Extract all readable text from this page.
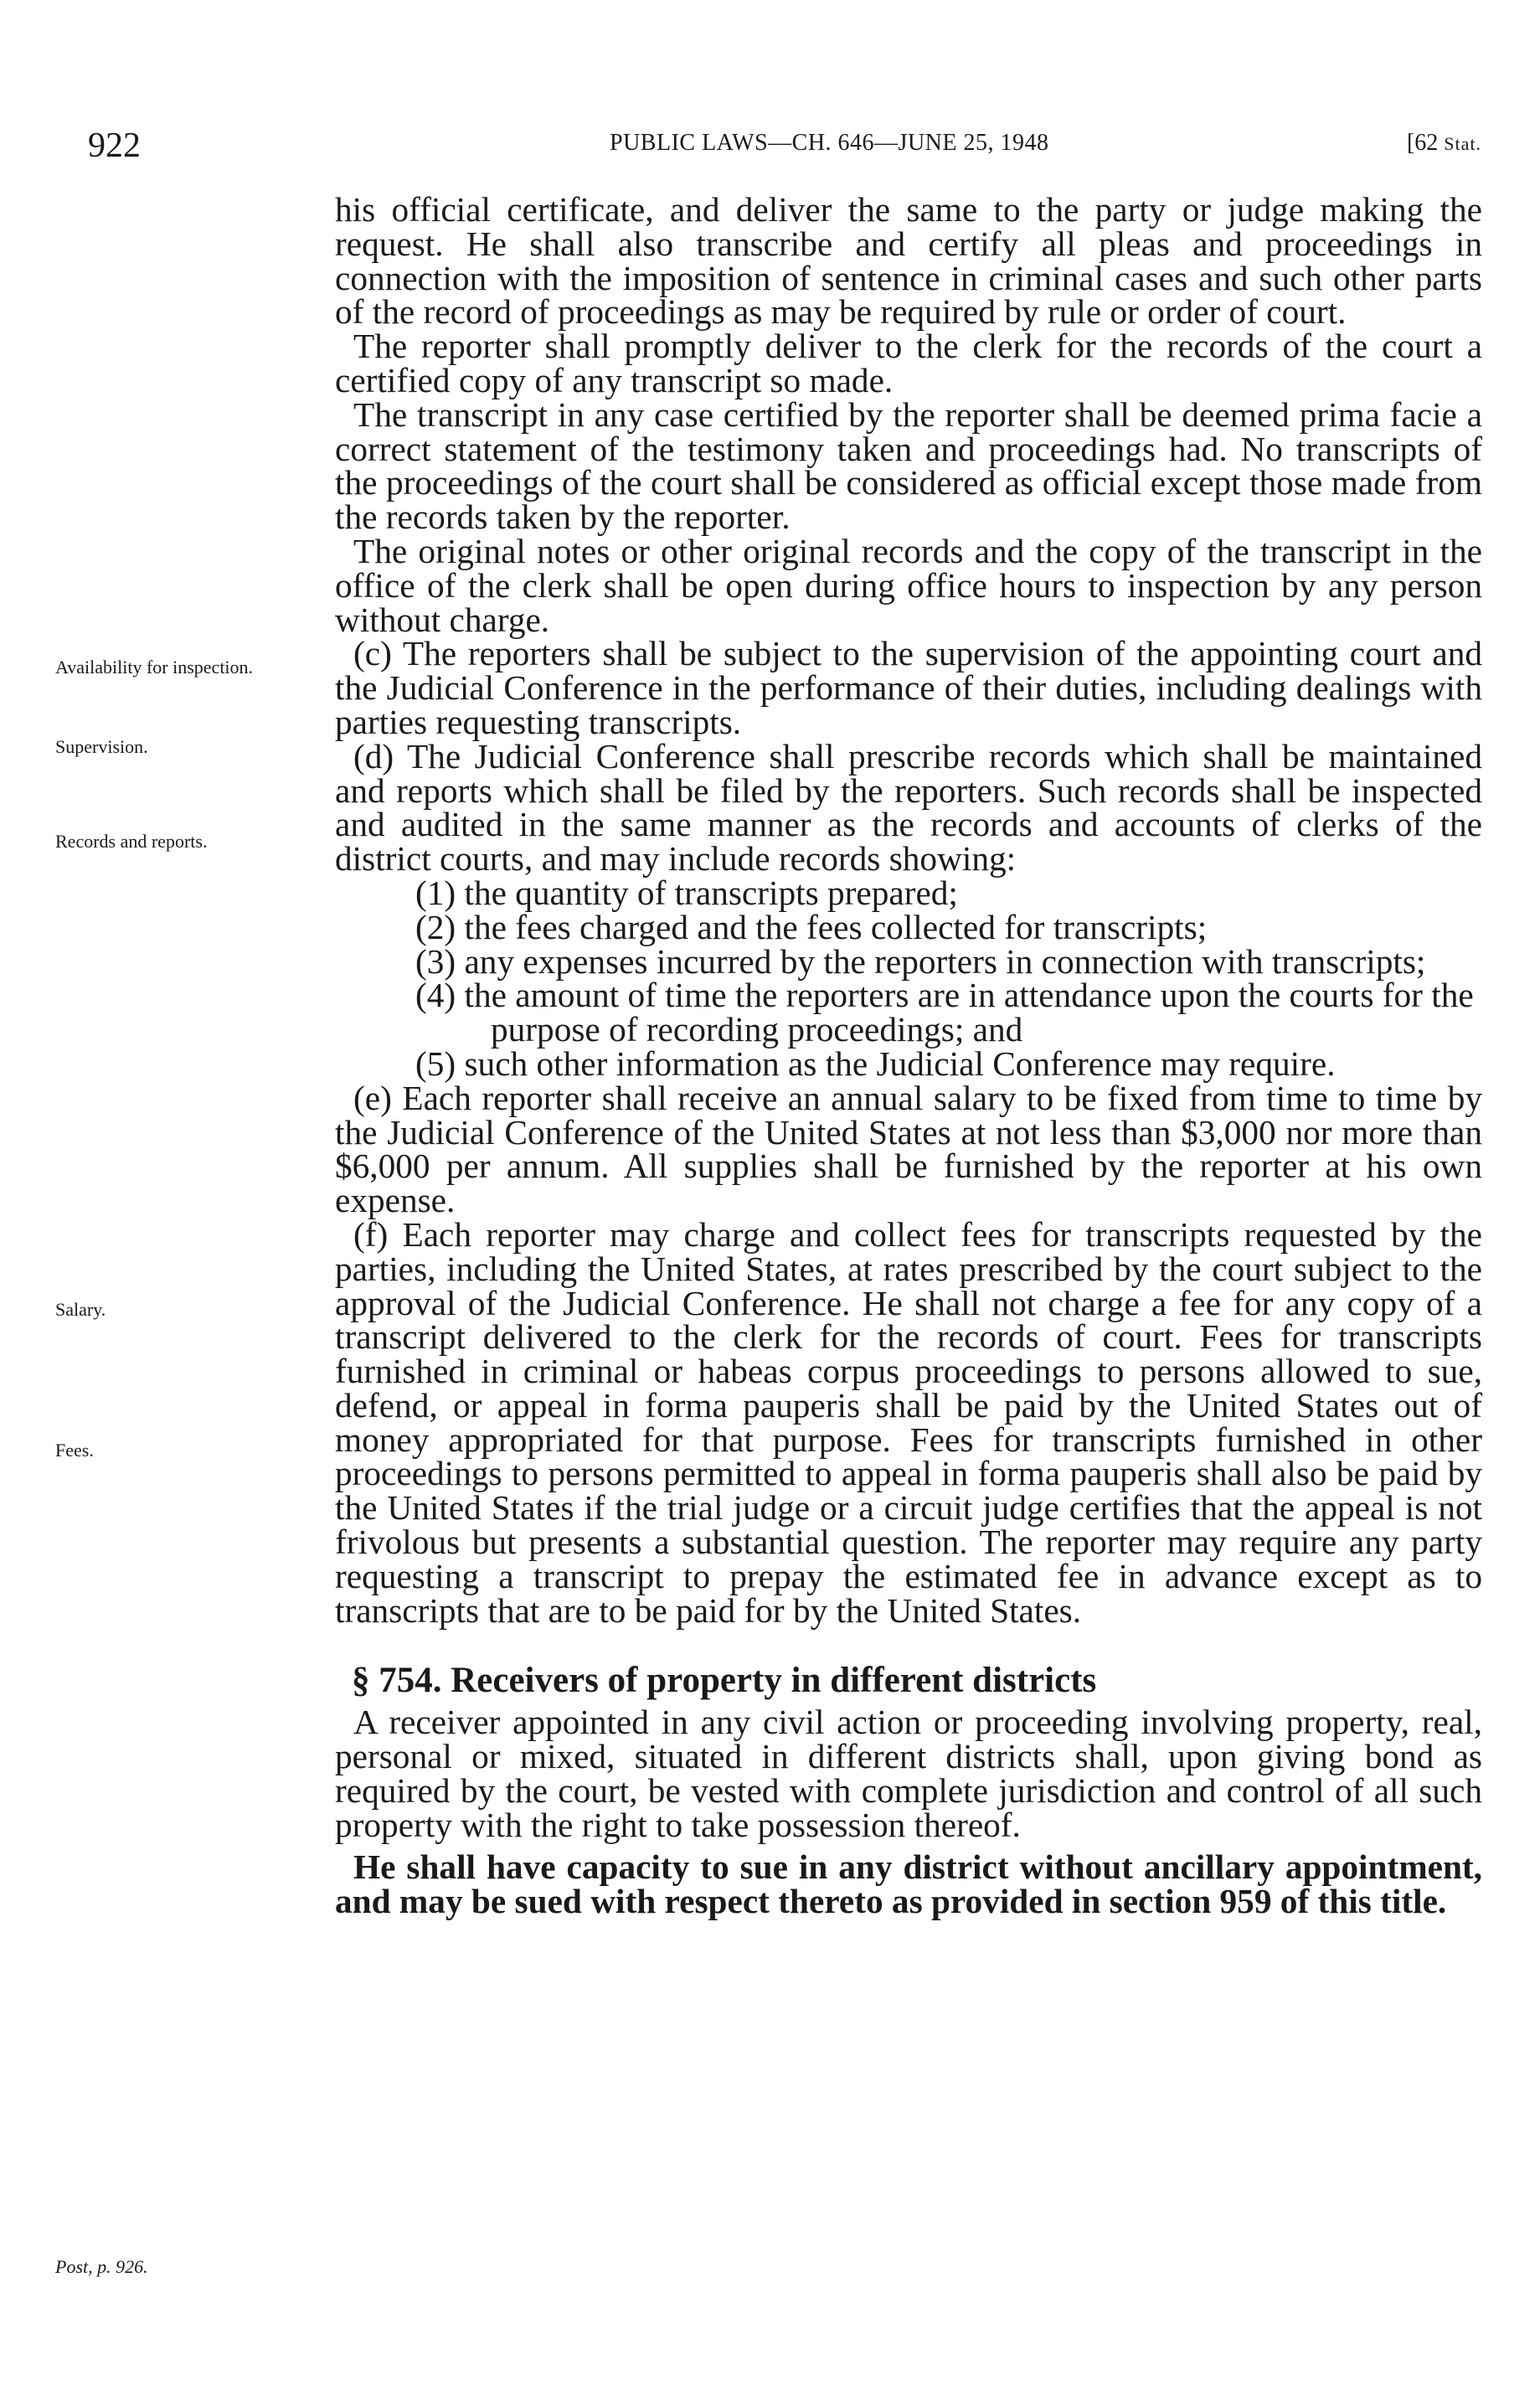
922	PUBLIC LAWS—CH. 646—JUNE 25, 1948	[62 Stat.
Availability for inspection.
Supervision.
Records and reports.
Salary.
Fees.
Post, p. 926.

his official certificate, and deliver the same to the party or judge making the request. He shall also transcribe and certify all pleas and proceedings in connection with the imposition of sentence in criminal cases and such other parts of the record of proceedings as may be required by rule or order of court.

The reporter shall promptly deliver to the clerk for the records of the court a certified copy of any transcript so made.

The transcript in any case certified by the reporter shall be deemed prima facie a correct statement of the testimony taken and proceedings had. No transcripts of the proceedings of the court shall be considered as official except those made from the records taken by the reporter.

The original notes or other original records and the copy of the transcript in the office of the clerk shall be open during office hours to inspection by any person without charge.

(c) The reporters shall be subject to the supervision of the appointing court and the Judicial Conference in the performance of their duties, including dealings with parties requesting transcripts.

(d) The Judicial Conference shall prescribe records which shall be maintained and reports which shall be filed by the reporters. Such records shall be inspected and audited in the same manner as the records and accounts of clerks of the district courts, and may include records showing:

(1) the quantity of transcripts prepared;

(2) the fees charged and the fees collected for transcripts;

(3) any expenses incurred by the reporters in connection with transcripts;

(4) the amount of time the reporters are in attendance upon the courts for the purpose of recording proceedings; and

(5) such other information as the Judicial Conference may require.

(e) Each reporter shall receive an annual salary to be fixed from time to time by the Judicial Conference of the United States at not less than $3,000 nor more than $6,000 per annum. All supplies shall be furnished by the reporter at his own expense.

(f) Each reporter may charge and collect fees for transcripts requested by the parties, including the United States, at rates prescribed by the court subject to the approval of the Judicial Conference. He shall not charge a fee for any copy of a transcript delivered to the clerk for the records of court. Fees for transcripts furnished in criminal or habeas corpus proceedings to persons allowed to sue, defend, or appeal in forma pauperis shall be paid by the United States out of money appropriated for that purpose. Fees for transcripts furnished in other proceedings to persons permitted to appeal in forma pauperis shall also be paid by the United States if the trial judge or a circuit judge certifies that the appeal is not frivolous but presents a substantial question. The reporter may require any party requesting a transcript to prepay the estimated fee in advance except as to transcripts that are to be paid for by the United States.

§ 754. Receivers of property in different districts

A receiver appointed in any civil action or proceeding involving property, real, personal or mixed, situated in different districts shall, upon giving bond as required by the court, be vested with complete jurisdiction and control of all such property with the right to take possession thereof.

He shall have capacity to sue in any district without ancillary appointment, and may be sued with respect thereto as provided in section 959 of this title.
